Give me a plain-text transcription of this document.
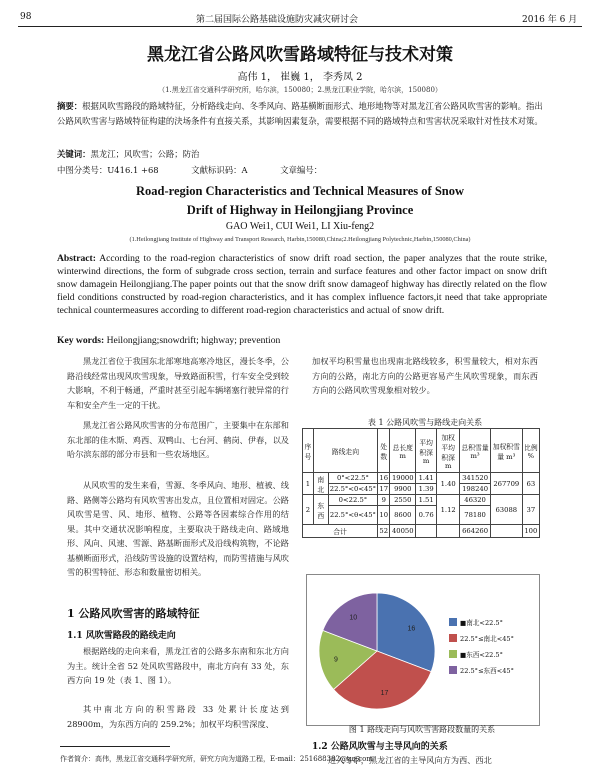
98	第二届国际公路基础设施防灾减灾研讨会	2016 年 6 月
黑龙江省公路风吹雪路域特征与技术对策
高伟 1， 崔巍 1， 李秀凤 2
（1.黑龙江省交通科学研究所，哈尔滨，150080；2.黑龙江职业学院，哈尔滨，150080）
摘要：根据风吹雪路段的路域特征，分析路线走向、冬季风向、路基横断面形式、地形地物等对黑龙江省公路风吹雪害的影响。指出公路风吹雪害与路域特征构建的決场条件有直接关系，其影响因素复杂，需要根据不同的路域特点和雪害状况采取针对性技术对策。
关键词：黑龙江；风吹雪；公路；防治
中图分类号：U416.1 +68	文献标识码：A	文章编号：
Road-region Characteristics and Technical Measures of Snow
Drift of Highway in Heilongjiang Province
GAO Wei1, CUI Wei1, LI Xiu-feng2
(1.Heilongjiang Institute of Highway and Transport Research, Harbin,150080,China;2.Heilongjiang Polytechnic,Harbin,150080,China)
Abstract: According to the road-region characteristics of snow drift road section, the paper analyzes that the route strike, winterwind directions, the form of subgrade cross section, terrain and surface features and other factor impact on snow drift snow damagein Heilongjiang.The paper points out that the snow drift snow damageof highway has directly related on the flow field conditions constructed by road-region characteristics, and it has complex influence factors,it need that take appropriate technical countermeasures according to different road-region characteristics and actual of snow drift.
Key words: Heilongjiang;snowdrift; highway; prevention
黑龙江省位于我国东北部寒地高寒冷地区，漫长冬季，公路沿线经常出现风吹雪现象，导致路面积雪，行车安全受到较大影响，不利于畅通，严重时甚至引起车辆堵塞行驶异常的行车和安全产生一定的干扰。
黑龙江省公路风吹雪害的分布范围广，主要集中在东部和东北部的佳木斯、鸡西、双鸭山、七台河、鹤岗、伊春，以及哈尔滨东部的部分市县和一些农场地区。
从风吹雪的发生来看，雪源、冬季风向、地形、植被、线路、路侧等公路均有风吹雪害出发点，且位置相对固定。公路风吹雪是雪、风、地形、植物、公路等各因素综合作用的结果。其中交通状况影响程度，主要取决于路线走向、路域地形、风向、风速、雪源、路基断面形式及沿线构筑物，不论路基横断面形式，沿线防雪设施的设置结构，而防雪措施与风吹雪的积雪特征、形态和数量密切相关。
1 公路风吹雪害的路域特征
1.1 风吹雪路段的路线走向
根据路线的走向来看，黑龙江省的公路多东南和东北方向为主。统计全省 52 处风吹雪路段中，南北方向有 33 处，东西方向 19 处（表 1、图 1）。
其中南北方向的积雪路段 33 处累计长度达到 28900m，为东西方向的 259.2%；加权平均积雪深度、
加权平均积雪量也出现南北路线较多，积雪量较大，相对东西方向的公路，南北方向的公路更容易产生风吹雪现象，而东西方向的公路风吹雪现象相对较少。
表 1 公路风吹雪与路线走向关系
序号	路线走向		处数	总长度 m	平均积深 m	加权平均积深 m	总积雪量 m³	加权积雪量 m³	比例 %
1	南北	0°<22.5°	16	19000	1.41	1.40	341520	267709	63
		22.5°<0<45°	17	9900	1.39		198240		
2	东西	0<22.5°	9	2550	1.51	1.12	46320	63088	37
		22.5°<θ<45°	10	8600	0.76		78180		
合计			52	40050			664260		100
16
17
9
10
■南北<22.5°
22.5°≤南北<45°
■东西<22.5°
22.5°≤东西<45°
图 1 路线走向与风吹雪害路段数量的关系
1.2 公路风吹雪与主导风向的关系
进入冬季，黑龙江省的主导风向方为西、西北
作者简介：高伟，黑龙江省交通科学研究所，研究方向为道路工程，E-mail：251688382@qq.com
